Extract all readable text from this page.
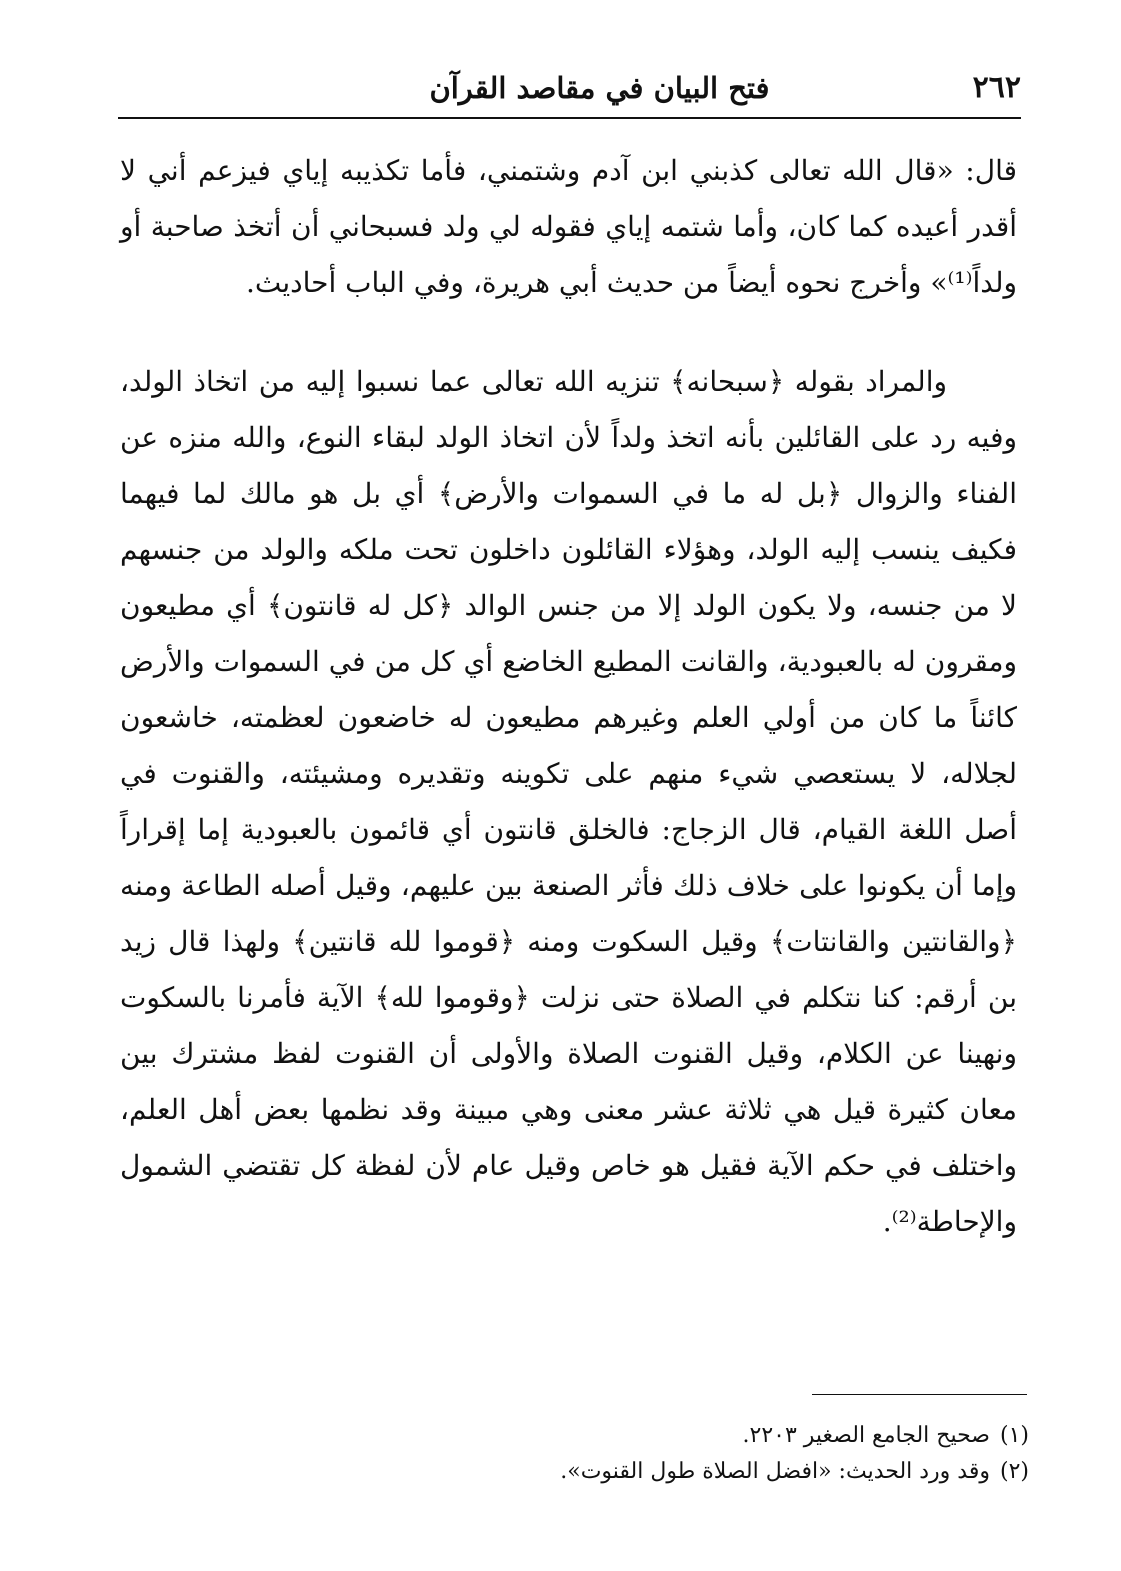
٢٦٢
فتح البيان في مقاصد القرآن

قال: «قال الله تعالى كذبني ابن آدم وشتمني، فأما تكذيبه إياي فيزعم أني لا أقدر أعيده كما كان، وأما شتمه إياي فقوله لي ولد فسبحاني أن أتخذ صاحبة أو ولداً⁽¹⁾» وأخرج نحوه أيضاً من حديث أبي هريرة، وفي الباب أحاديث.

والمراد بقوله ﴿سبحانه﴾ تنزيه الله تعالى عما نسبوا إليه من اتخاذ الولد، وفيه رد على القائلين بأنه اتخذ ولداً لأن اتخاذ الولد لبقاء النوع، والله منزه عن الفناء والزوال ﴿بل له ما في السموات والأرض﴾ أي بل هو مالك لما فيهما فكيف ينسب إليه الولد، وهؤلاء القائلون داخلون تحت ملكه والولد من جنسهم لا من جنسه، ولا يكون الولد إلا من جنس الوالد ﴿كل له قانتون﴾ أي مطيعون ومقرون له بالعبودية، والقانت المطيع الخاضع أي كل من في السموات والأرض كائناً ما كان من أولي العلم وغيرهم مطيعون له خاضعون لعظمته، خاشعون لجلاله، لا يستعصي شيء منهم على تكوينه وتقديره ومشيئته، والقنوت في أصل اللغة القيام، قال الزجاج: فالخلق قانتون أي قائمون بالعبودية إما إقراراً وإما أن يكونوا على خلاف ذلك فأثر الصنعة بين عليهم، وقيل أصله الطاعة ومنه ﴿والقانتين والقانتات﴾ وقيل السكوت ومنه ﴿قوموا لله قانتين﴾ ولهذا قال زيد بن أرقم: كنا نتكلم في الصلاة حتى نزلت ﴿وقوموا لله﴾ الآية فأمرنا بالسكوت ونهينا عن الكلام، وقيل القنوت الصلاة والأولى أن القنوت لفظ مشترك بين معان كثيرة قيل هي ثلاثة عشر معنى وهي مبينة وقد نظمها بعض أهل العلم، واختلف في حكم الآية فقيل هو خاص وقيل عام لأن لفظة كل تقتضي الشمول والإحاطة⁽²⁾.

(١)صحيح الجامع الصغير ٢٢٠٣.
(٢)وقد ورد الحديث: «افضل الصلاة طول القنوت».
